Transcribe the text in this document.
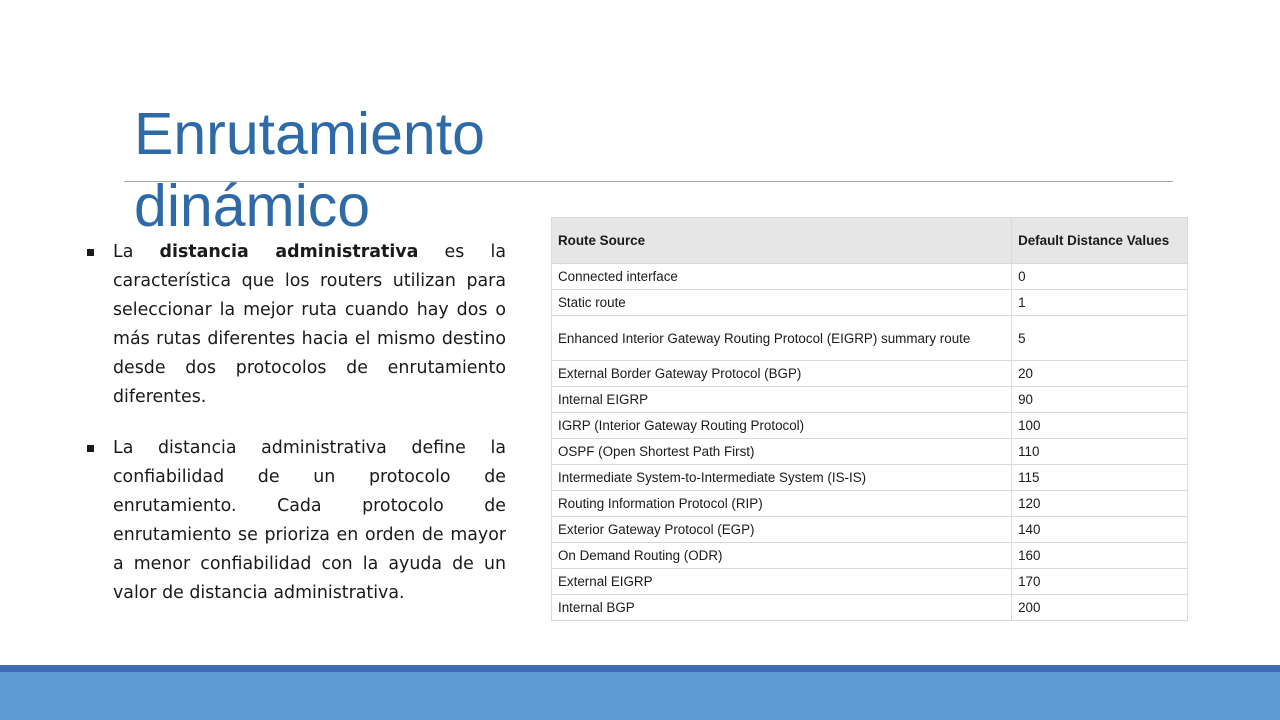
Enrutamiento dinámico
La distancia administrativa es la característica que los routers utilizan para seleccionar la mejor ruta cuando hay dos o más rutas diferentes hacia el mismo destino desde dos protocolos de enrutamiento diferentes.
La distancia administrativa define la confiabilidad de un protocolo de enrutamiento. Cada protocolo de enrutamiento se prioriza en orden de mayor a menor confiabilidad con la ayuda de un valor de distancia administrativa.
Route Source	Default Distance Values
Connected interface	0
Static route	1
Enhanced Interior Gateway Routing Protocol (EIGRP) summary route	5
External Border Gateway Protocol (BGP)	20
Internal EIGRP	90
IGRP (Interior Gateway Routing Protocol)	100
OSPF (Open Shortest Path First)	110
Intermediate System-to-Intermediate System (IS-IS)	115
Routing Information Protocol (RIP)	120
Exterior Gateway Protocol (EGP)	140
On Demand Routing (ODR)	160
External EIGRP	170
Internal BGP	200
